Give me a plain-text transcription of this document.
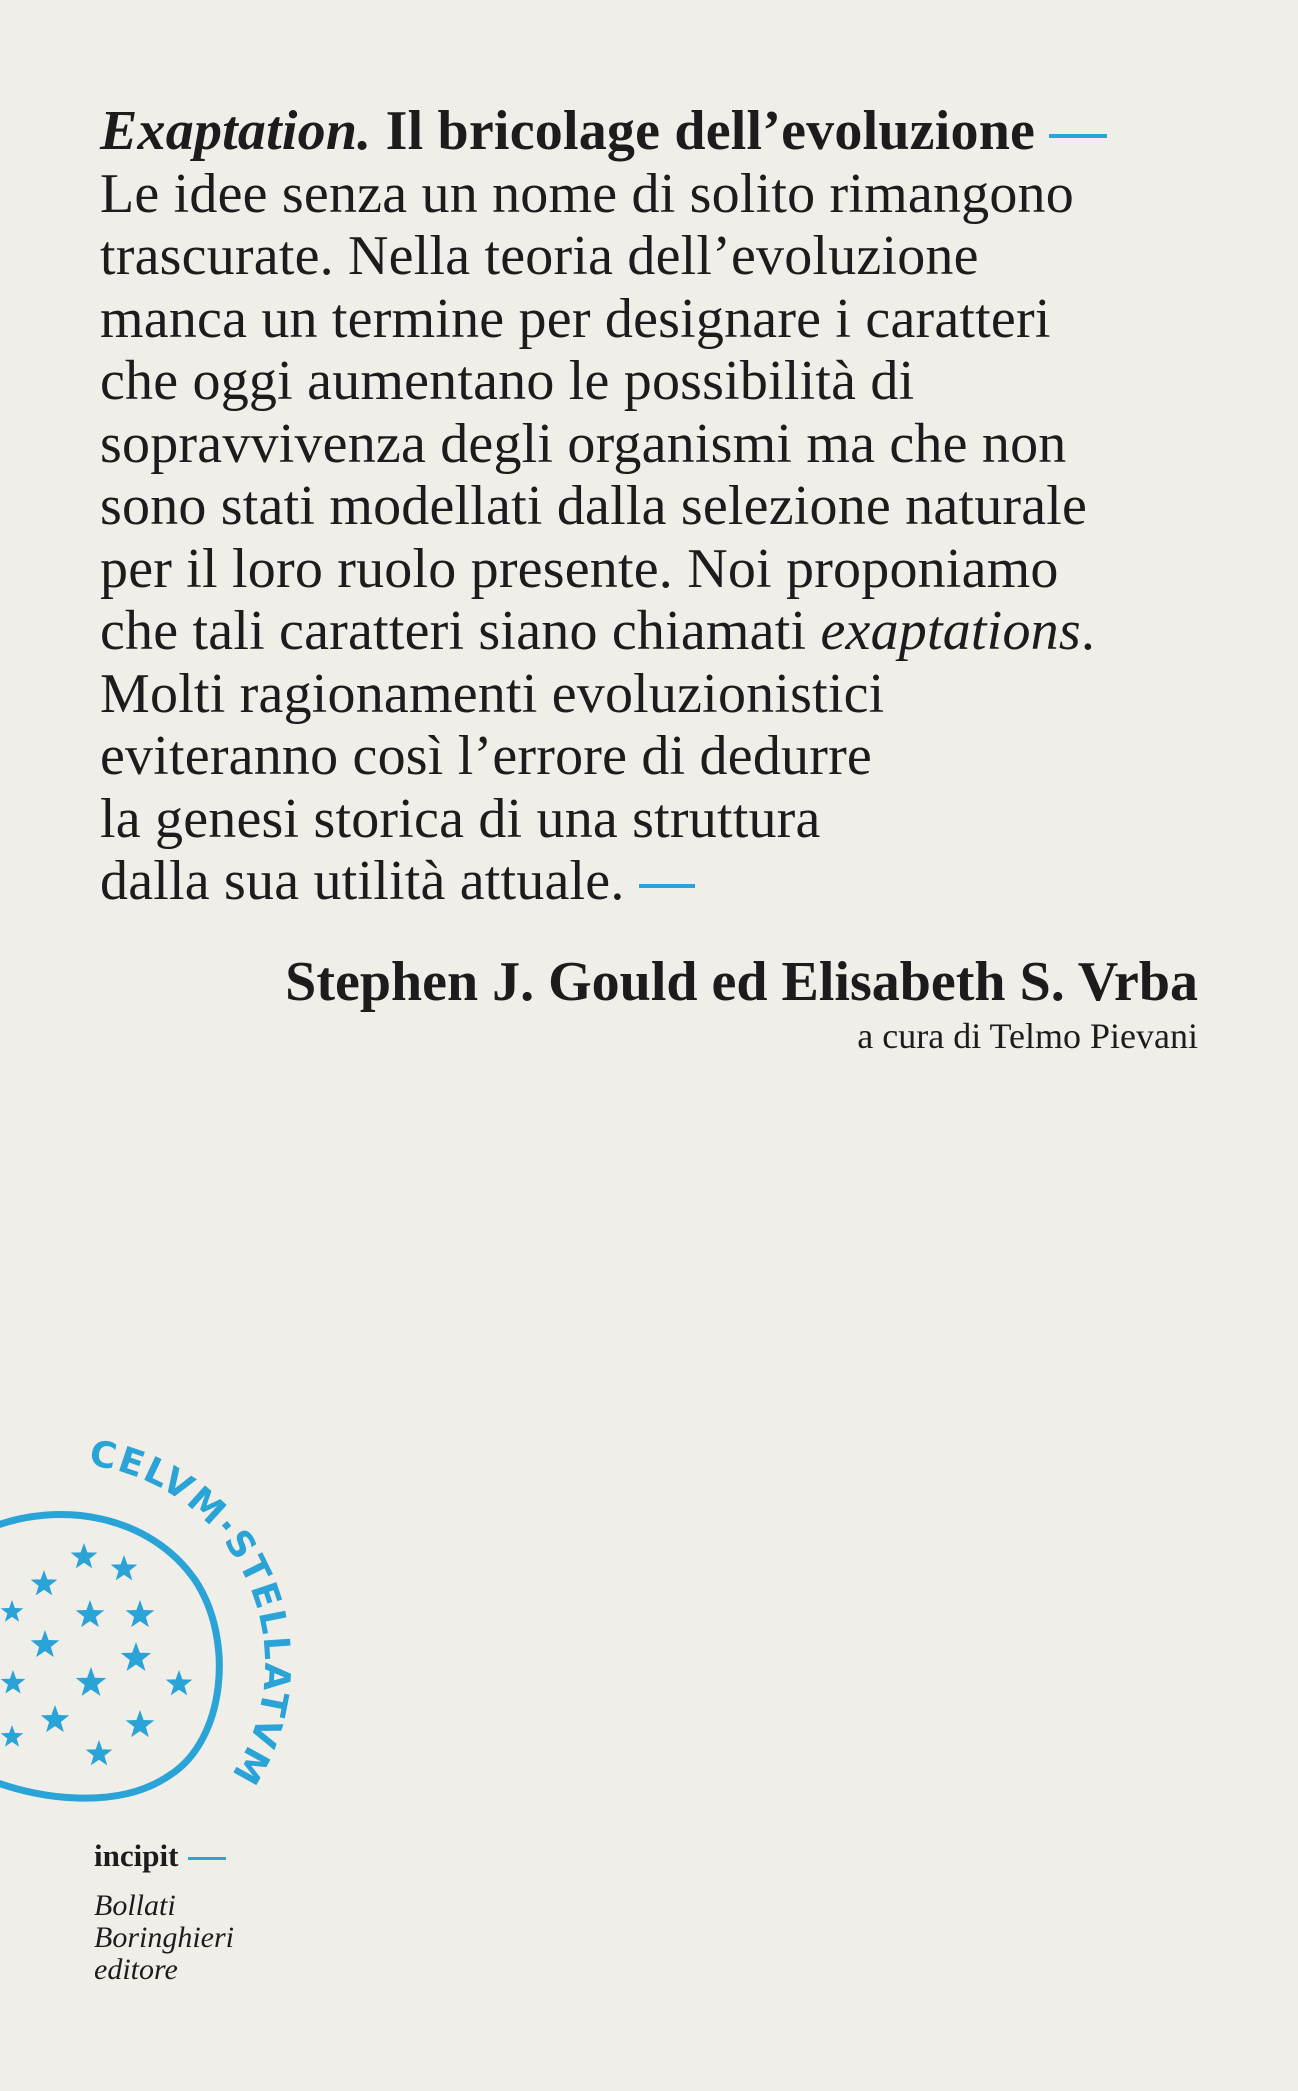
Exaptation. Il bricolage dell’evoluzione
Le idee senza un nome di solito rimangono
trascurate. Nella teoria dell’evoluzione
manca un termine per designare i caratteri
che oggi aumentano le possibilità di
sopravvivenza degli organismi ma che non
sono stati modellati dalla selezione naturale
per il loro ruolo presente. Noi proponiamo
che tali caratteri siano chiamati exaptations.
Molti ragionamenti evoluzionistici
eviteranno così l’errore di dedurre
la genesi storica di una struttura
dalla sua utilità attuale.
Stephen J. Gould ed Elisabeth S. Vrba
a cura di Telmo Pievani
CELVM·STELLATVM
incipit
Bollati
Boringhieri
editore
